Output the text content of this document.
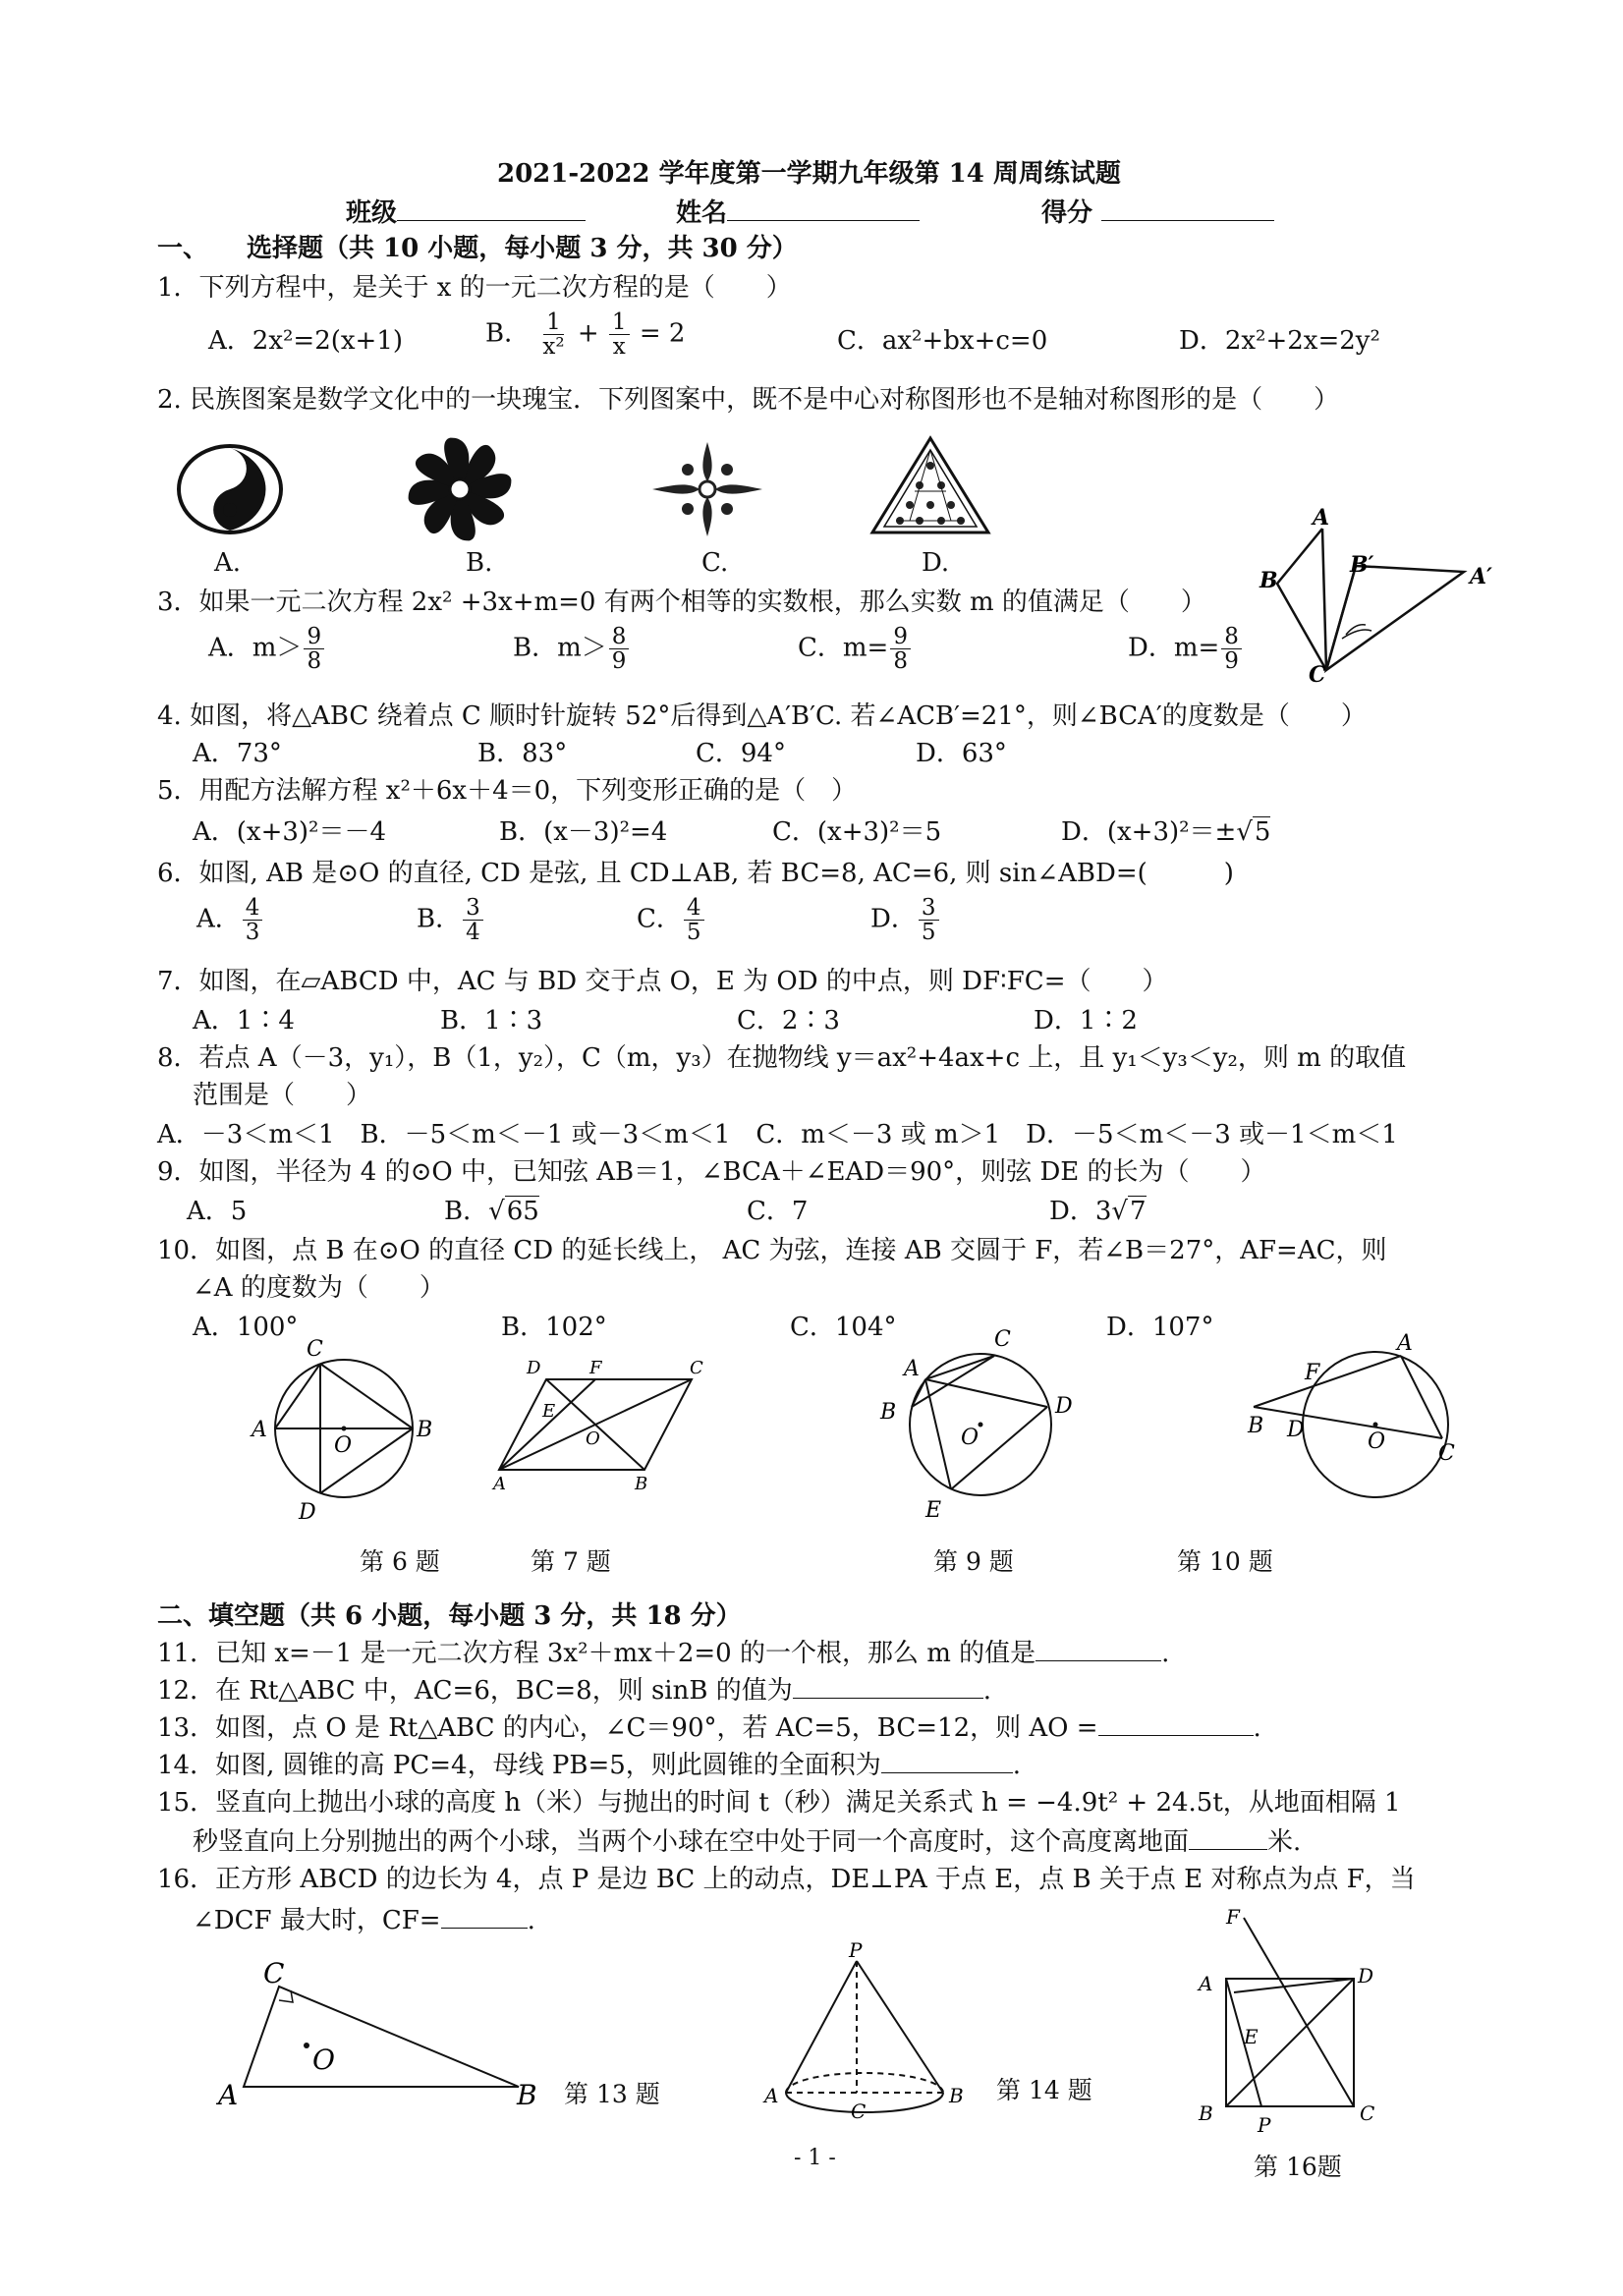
2021-2022 学年度第一学期九年级第 14 周周练试题
班级	姓名	得分
一、　　选择题（共 10 小题，每小题 3 分，共 30 分）
1．下列方程中，是关于 x 的一元二次方程的是（　　）
A．2x²=2(x+1)	B． $\frac{1}{\text{x²}} + \frac{1}{x} = 2$	C．ax²+bx+c=0	D．2x²+2x=2y²
2. 民族图案是数学文化中的一块瑰宝．下列图案中，既不是中心对称图形也不是轴对称图形的是（　　）
A.	B.	C.	D.
A
B
B′	A′
C
3．如果一元二次方程 2x² +3x+m=0 有两个相等的实数根，那么实数 m 的值满足（　　）
A．$m> \frac{9}{8}$	B．$m> \frac{8}{9}$	C．$m= \frac{9}{8}$	D．$m= \frac{8}{9}$
4. 如图，将△ABC 绕着点 C 顺时针旋转 52°后得到△A′B′C. 若∠ACB′=21°，则∠BCA′的度数是（　　）
A．73°	B．83°	C．94°	D．63°
5．用配方法解方程 x²＋6x＋4＝0，下列变形正确的是（　）
A．(x+3)²＝－4	B．(x－3)²=4	C．(x+3)²＝5	D．(x+3)²＝±√5
6．如图, AB 是⊙O 的直径, CD 是弦, 且 CD⊥AB, 若 BC=8, AC=6, 则 sin∠ABD=(　　　)
A． $\frac{4}{3}$	B． $\frac{3}{4}$	C． $\frac{4}{5}$	D． $\frac{3}{5}$
7．如图，在▱ABCD 中，AC 与 BD 交于点 O，E 为 OD 的中点，则 DF∶FC=（　　）
A．1∶4	B．1∶3	C．2∶3	D．1∶2
8．若点 A（－3，y₁），B（1，y₂），C（m，y₃）在抛物线 y＝ax²+4ax+c 上，且 y₁＜y₃＜y₂，则 m 的取值
范围是（　　）
A．－3＜m＜1　B．－5＜m＜－1 或－3＜m＜1　C．m＜－3 或 m＞1　D．－5＜m＜－3 或－1＜m＜1
9．如图，半径为 4 的⊙O 中，已知弦 AB＝1，∠BCA＋∠EAD＝90°，则弦 DE 的长为（　　）
A．5	B．√65	C．7	D．3√7
10．如图，点 B 在⊙O 的直径 CD 的延长线上， AC 为弦，连接 AB 交圆于 F，若∠B＝27°，AF=AC，则
∠A 的度数为（　　）
A．100°	B．102°	C．104°	D．107°
C
A
O
B
D
D	F	C
E
O
A	B
C
A
D
B
O
E
A
F
B D	O C
第 6 题	第 7 题	第 9 题	第 10 题
二、填空题（共 6 小题，每小题 3 分，共 18 分）
11．已知 x=－1 是一元二次方程 3x²＋mx＋2=0 的一个根，那么 m 的值是	.
12．在 Rt△ABC 中，AC=6，BC=8，则 sinB 的值为	.
13．如图，点 O 是 Rt△ABC 的内心，∠C＝90°，若 AC=5，BC=12，则 AO =	.
14．如图, 圆锥的高 PC=4，母线 PB=5，则此圆锥的全面积为	.
15．竖直向上抛出小球的高度 h（米）与抛出的时间 t（秒）满足关系式 h = −4.9t² + 24.5t，从地面相隔 1
秒竖直向上分别抛出的两个小球，当两个小球在空中处于同一个高度时，这个高度离地面	米.
16．正方形 ABCD 的边长为 4，点 P 是边 BC 上的动点，DE⊥PA 于点 E，点 B 关于点 E 对称点为点 F，当
∠DCF 最大时，CF=	.
C
O
A	B 第 13 题
P
A
C
B 第 14 题
F
A	D
E
B P	C
第 16题
- 1 -
